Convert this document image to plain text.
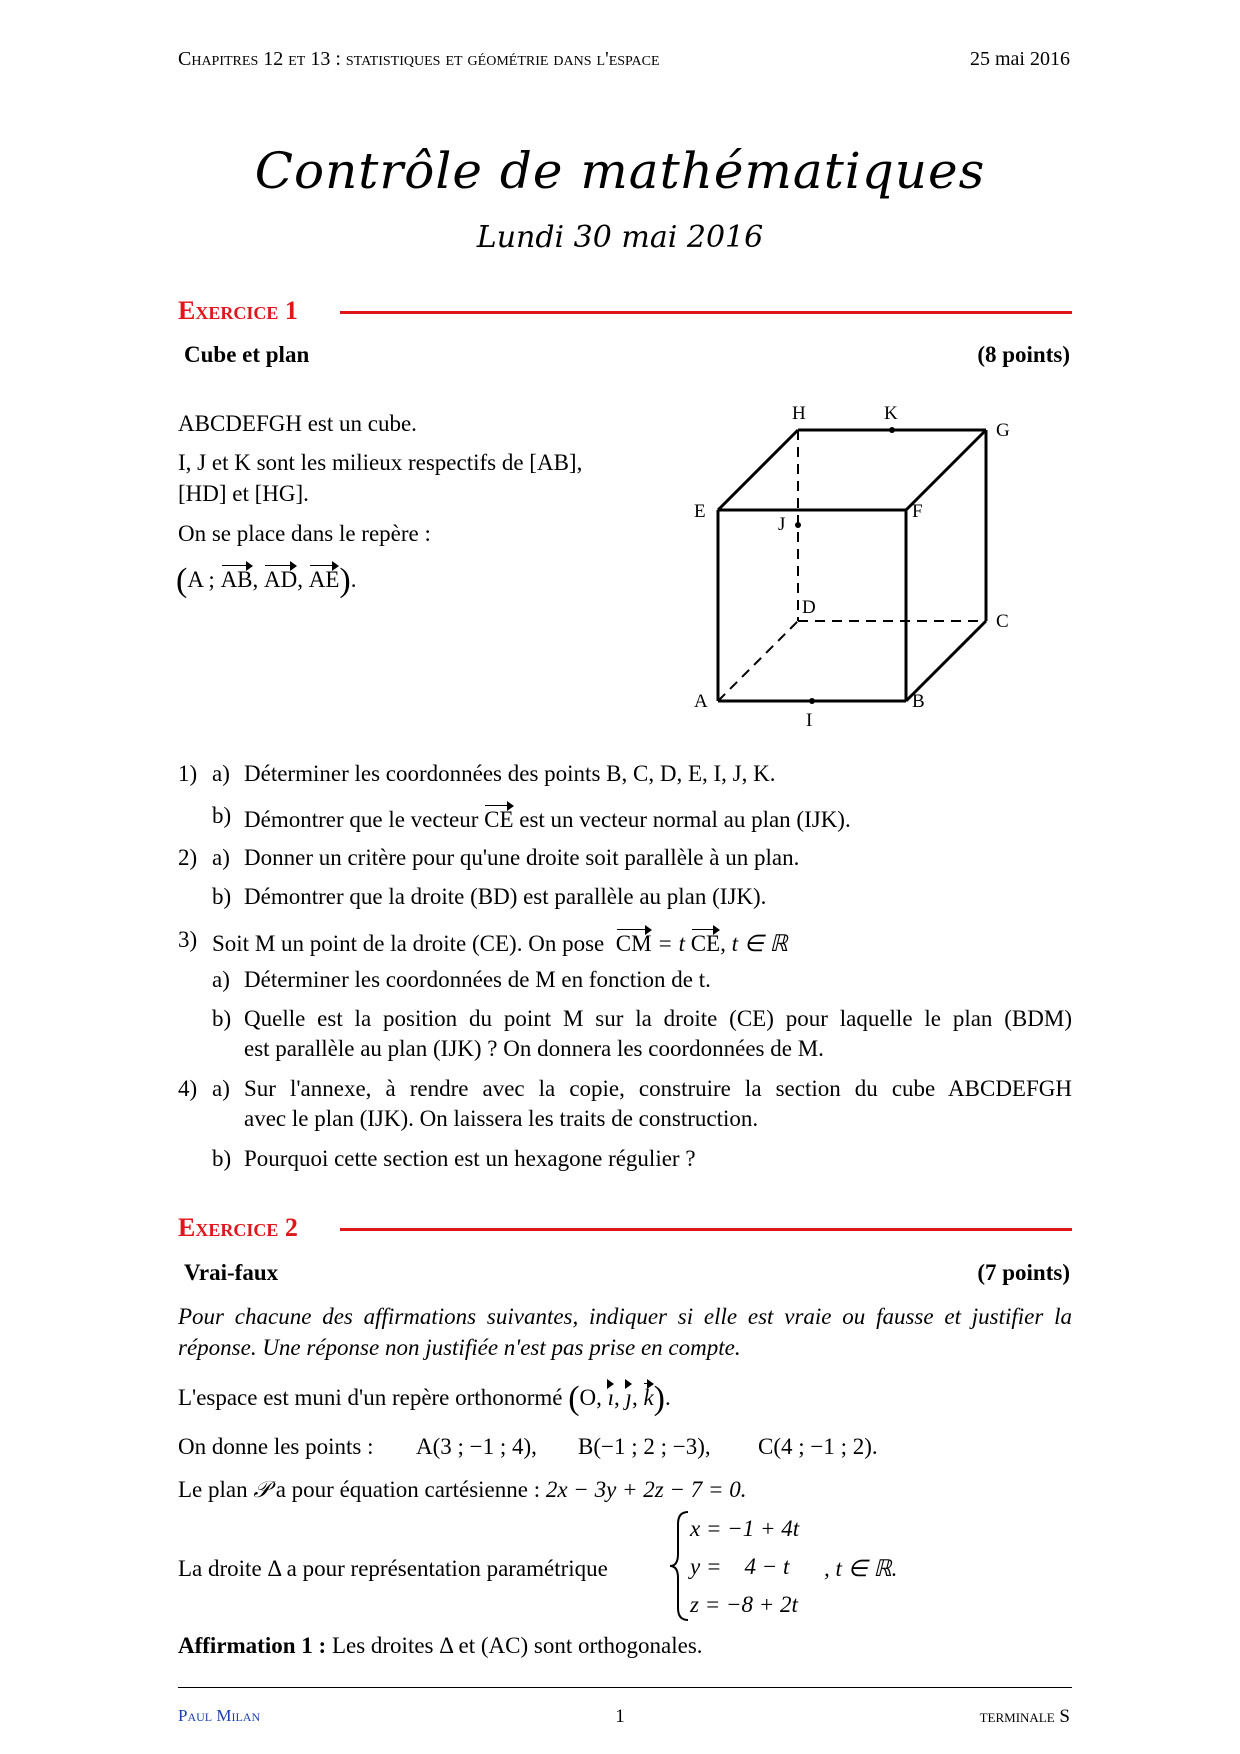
Chapitres 12 et 13 : statistiques et géométrie dans l'espace	25 mai 2016
Contrôle de mathématiques
Lundi 30 mai 2016
Exercice 1
Cube et plan	(8 points)
ABCDEFGH est un cube.
I, J et K sont les milieux respectifs de [AB],
[HD] et [HG].
On se place dans le repère :
(A ; AB, AD, AE).
H	K
G
E	F
J
D
C
A	B
I
1) a) Déterminer les coordonnées des points B, C, D, E, I, J, K.
b) Démontrer que le vecteur CE est un vecteur normal au plan (IJK).
2) a) Donner un critère pour qu'une droite soit parallèle à un plan.
b) Démontrer que la droite (BD) est parallèle au plan (IJK).
3) Soit M un point de la droite (CE). On pose CM = t CE, t ∈ ℝ
a) Déterminer les coordonnées de M en fonction de t.
b) Quelle est la position du point M sur la droite (CE) pour laquelle le plan (BDM)
est parallèle au plan (IJK) ? On donnera les coordonnées de M.
4) a) Sur l'annexe, à rendre avec la copie, construire la section du cube ABCDEFGH
avec le plan (IJK). On laissera les traits de construction.
b) Pourquoi cette section est un hexagone régulier ?
Exercice 2
Vrai-faux	(7 points)
Pour chacune des affirmations suivantes, indiquer si elle est vraie ou fausse et justifier la
réponse. Une réponse non justifiée n'est pas prise en compte.
L'espace est muni d'un repère orthonormé (O, ı, ȷ, k).
On donne les points : A(3 ; −1 ; 4), B(−1 ; 2 ; −3), C(4 ; −1 ; 2).
Le plan 𝒫 a pour équation cartésienne : 2x − 3y + 2z − 7 = 0.
La droite Δ a pour représentation paramétrique
x = −1 + 4t
y =    4 − t
z = −8 + 2t
, t ∈ ℝ.
Affirmation 1 : Les droites Δ et (AC) sont orthogonales.
Paul Milan	1	terminale S
